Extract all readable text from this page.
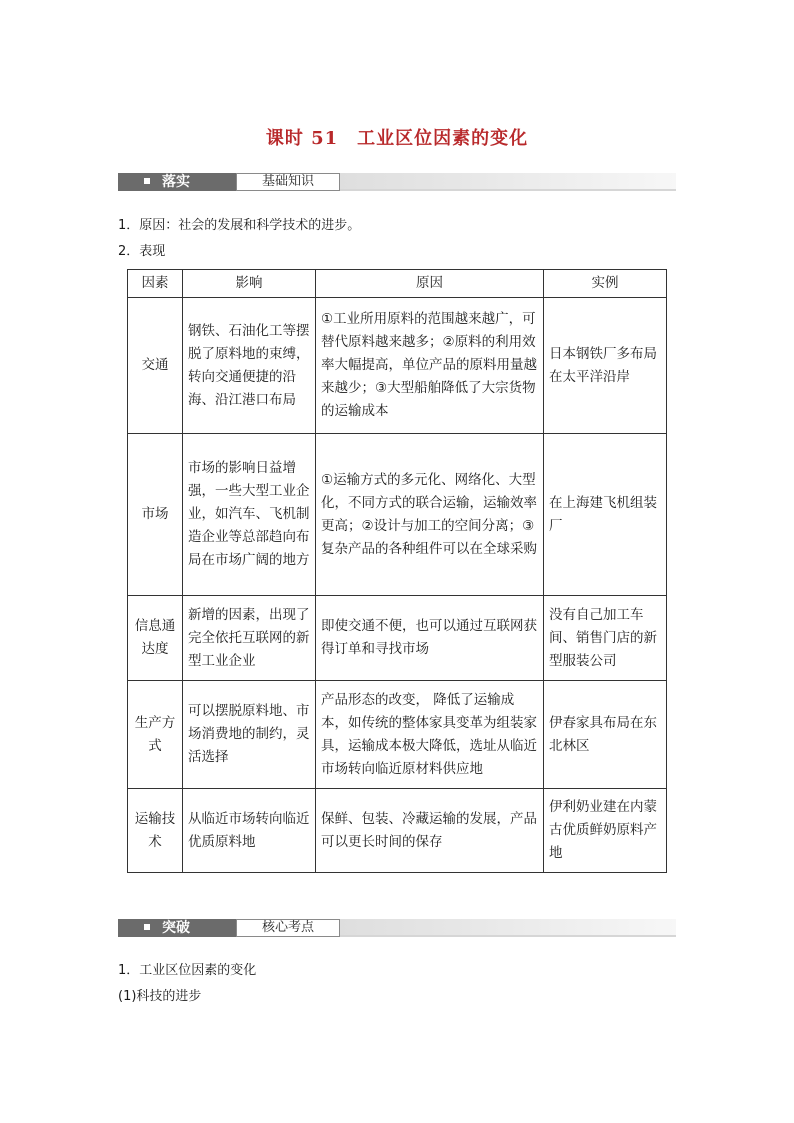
课时 51　工业区位因素的变化
落实	基础知识
1．原因：社会的发展和科学技术的进步。
2．表现
因素	影响	原因	实例
交通	钢铁、石油化工等摆脱了原料地的束缚，转向交通便捷的沿海、沿江港口布局	①工业所用原料的范围越来越广，可替代原料越来越多；②原料的利用效率大幅提高，单位产品的原料用量越来越少；③大型船舶降低了大宗货物的运输成本	日本钢铁厂多布局在太平洋沿岸
市场	市场的影响日益增强，一些大型工业企业，如汽车、飞机制造企业等总部趋向布局在市场广阔的地方	①运输方式的多元化、网络化、大型化，不同方式的联合运输，运输效率更高；②设计与加工的空间分离；③复杂产品的各种组件可以在全球采购	在上海建飞机组装厂
信息通达度	新增的因素，出现了完全依托互联网的新型工业企业	即使交通不便，也可以通过互联网获得订单和寻找市场	没有自己加工车间、销售门店的新型服装公司
生产方式	可以摆脱原料地、市场消费地的制约，灵活选择	产品形态的改变， 降低了运输成本，如传统的整体家具变革为组装家具，运输成本极大降低，选址从临近市场转向临近原材料供应地	伊春家具布局在东北林区
运输技术	从临近市场转向临近优质原料地	保鲜、包装、冷藏运输的发展，产品可以更长时间的保存	伊利奶业建在内蒙古优质鲜奶原料产地
突破	核心考点
1．工业区位因素的变化
(1)科技的进步
